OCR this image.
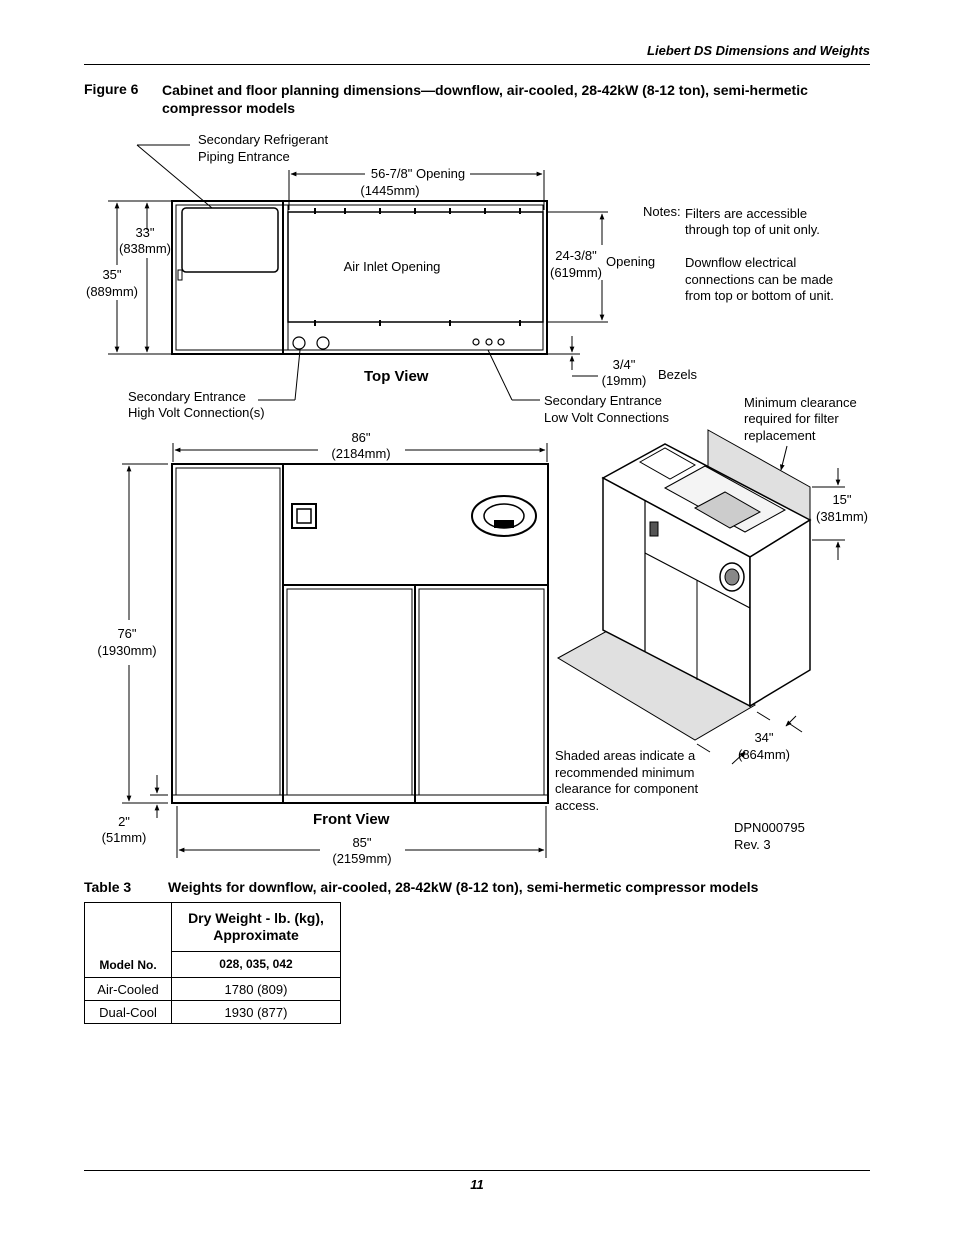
Liebert DS Dimensions and Weights
Figure 6 Cabinet and floor planning dimensions—downflow, air-cooled, 28-42kW (8-12 ton), semi-hermetic compressor models
Secondary Refrigerant
Piping Entrance
56-7/8" Opening
(1445mm)
Air Inlet Opening
33"
(838mm)
35"
(889mm)
24-3/8"
(619mm)
Opening
3/4"
(19mm) Bezels
Top View
Secondary Entrance
High Volt Connection(s)
Secondary Entrance
Low Volt Connections
Notes: Filters are accessible
through top of unit only.
Downflow electrical
connections can be made
from top or bottom of unit.
Minimum clearance
required for filter
replacement
86"
(2184mm)
15"
(381mm)
76"
(1930mm)
34"
(864mm)
Shaded areas indicate a
recommended minimum
clearance for component
access.
2"
(51mm)
Front View	DPN000795
Rev. 3
85"
(2159mm)
Table 3	Weights for downflow, air-cooled, 28-42kW (8-12 ton), semi-hermetic compressor models
Model No.	Dry Weight - lb. (kg),
Approximate

	028, 035, 042
Air-Cooled	1780 (809)
Dual-Cool	1930 (877)
11
